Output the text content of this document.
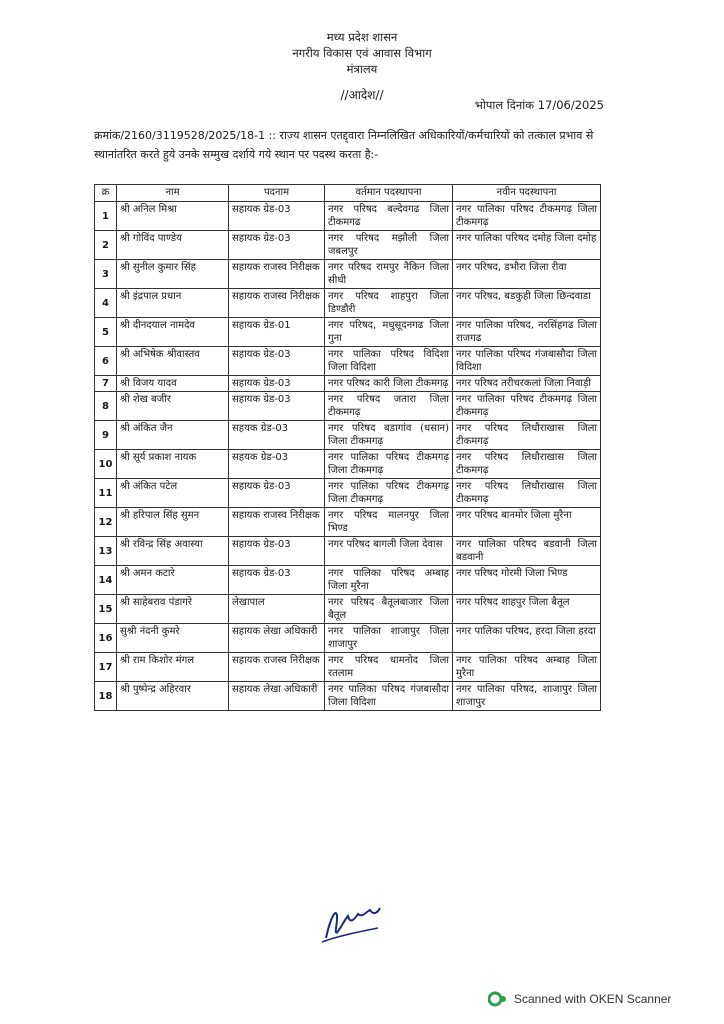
मध्य प्रदेश शासन
नगरीय विकास एवं आवास विभाग
मंत्रालय
//आदेश//
भोपाल दिनांक 17/06/2025
क्रमांक/2160/3119528/2025/18-1 :: राज्य शासन एतद्द्वारा निम्नलिखित अधिकारियों/कर्मचारियों को तत्काल प्रभाव से स्थानांतरित करते हुये उनके सम्मुख दर्शाये गये स्थान पर पदस्थ करता है:-
क्र	नाम	पदनाम	वर्तमान पदस्थापना	नवीन पदस्थापना
1	श्री अनिल मिश्रा	सहायक ग्रेड-03	नगर परिषद बल्देवगढ जिला टीकमगढ	नगर पालिका परिषद टीकमगढ़ जिला टीकमगढ़
2	श्री गोविंद पाण्डेय	सहायक ग्रेड-03	नगर परिषद मझौली जिला जबलपुर	नगर पालिका परिषद दमोह जिला दमोह
3	श्री सुनील कुमार सिंह	सहायक राजस्व निरीक्षक	नगर परिषद रामपुर नैकिन जिला सीधी	नगर परिषद, डभौरा जिला रीवा
4	श्री इंद्रपाल प्रधान	सहायक राजस्व निरीक्षक	नगर परिषद शाहपुरा जिला डिण्डौरी	नगर परिषद, बडकुही जिला छिन्दवाडा
5	श्री दीनदयाल नामदेव	सहायक ग्रेड-01	नगर परिषद, मधुसूदनगढ जिला गुना	नगर पालिका परिषद, नरसिंहगढ जिला राजगढ
6	श्री अभिषेक श्रीवास्तव	सहायक ग्रेड-03	नगर पालिका परिषद विदिशा जिला विदिशा	नगर पालिका परिषद गंजबासौदा जिला विदिशा
7	श्री विजय यादव	सहायक ग्रेड-03	नगर परिषद कारी जिला टीकमगढ़	नगर परिषद तरीचरकलां जिला निवाड़ी
8	श्री शेख बजीर	सहायक ग्रेड-03	नगर परिषद जतारा जिला टीकमगढ़	नगर पालिका परिषद टीकमगढ़ जिला टीकमगढ़
9	श्री अंकित जैन	सहयक ग्रेड-03	नगर परिषद बडागांव (धसान) जिला टीकमगढ़	नगर परिषद लिधौराखास जिला टीकमगढ़
10	श्री सूर्य प्रकाश नायक	सहयक ग्रेड-03	नगर पालिका परिषद टीकमगढ़ जिला टीकमगढ़	नगर परिषद लिधौराखास जिला टीकमगढ़
11	श्री अंकित पटेल	सहायक ग्रेड-03	नगर पालिका परिषद टीकमगढ़ जिला टीकमगढ़	नगर परिषद लिधौराखास जिला टीकमगढ़
12	श्री हरिपाल सिंह सुमन	सहायक राजस्व निरीक्षक	नगर परिषद मालनपुर जिला भिण्ड	नगर परिषद बानमोर जिला मुरैना
13	श्री रविन्द्र सिंह अवास्या	सहायक ग्रेड-03	नगर परिषद बागली जिला देवास	नगर पालिका परिषद बडवानी जिला बडवानी
14	श्री अमन कटारे	सहायक ग्रेड-03	नगर पालिका परिषद अम्बाह जिला मुरैना	नगर परिषद गोरमी जिला भिण्ड
15	श्री साहेबराव पंडागरे	लेखापाल	नगर परिषद बैतूलबाजार जिला बैतूल	नगर परिषद शाहपुर जिला बैतूल
16	सुश्री नंदनी कुमरे	सहायक लेखा अधिकारी	नगर पालिका शाजापुर जिला शाजापुर	नगर पालिका परिषद, हरदा जिला हरदा
17	श्री राम किशोर मंगल	सहायक राजस्व निरीक्षक	नगर परिषद धामनोद जिला रतलाम	नगर पालिका परिषद अम्बाह जिला मुरैना
18	श्री पुष्पेन्द्र अहिरवार	सहायक लेखा अधिकारी	नगर पालिका परिषद गंजबासौदा जिला विदिशा	नगर पालिका परिषद, शाजापुर जिला शाजापुर
Scanned with OKEN Scanner
